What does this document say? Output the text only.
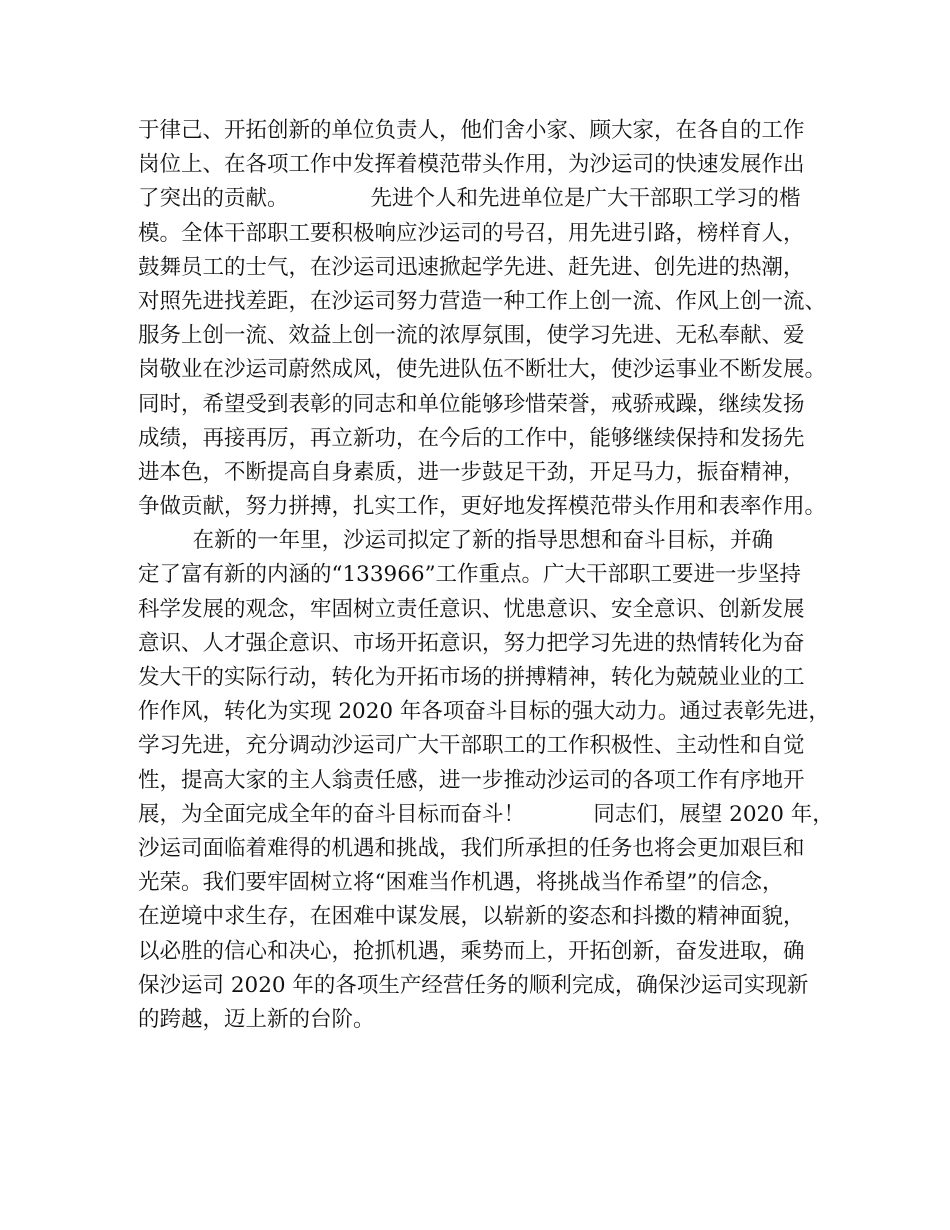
于律己、开拓创新的单位负责人，他们舍小家、顾大家，在各自的工作
岗位上、在各项工作中发挥着模范带头作用，为沙运司的快速发展作出
了突出的贡献。            先进个人和先进单位是广大干部职工学习的楷
模。全体干部职工要积极响应沙运司的号召，用先进引路，榜样育人，
鼓舞员工的士气，在沙运司迅速掀起学先进、赶先进、创先进的热潮，
对照先进找差距，在沙运司努力营造一种工作上创一流、作风上创一流、
服务上创一流、效益上创一流的浓厚氛围，使学习先进、无私奉献、爱
岗敬业在沙运司蔚然成风，使先进队伍不断壮大，使沙运事业不断发展。
同时，希望受到表彰的同志和单位能够珍惜荣誉，戒骄戒躁，继续发扬
成绩，再接再厉，再立新功，在今后的工作中，能够继续保持和发扬先
进本色，不断提高自身素质，进一步鼓足干劲，开足马力，振奋精神，
争做贡献，努力拼搏，扎实工作，更好地发挥模范带头作用和表率作用。
在新的一年里，沙运司拟定了新的指导思想和奋斗目标，并确
定了富有新的内涵的“133966”工作重点。广大干部职工要进一步坚持
科学发展的观念，牢固树立责任意识、忧患意识、安全意识、创新发展
意识、人才强企意识、市场开拓意识，努力把学习先进的热情转化为奋
发大干的实际行动，转化为开拓市场的拼搏精神，转化为兢兢业业的工
作作风，转化为实现 2020 年各项奋斗目标的强大动力。通过表彰先进，
学习先进，充分调动沙运司广大干部职工的工作积极性、主动性和自觉
性，提高大家的主人翁责任感，进一步推动沙运司的各项工作有序地开
展，为全面完成全年的奋斗目标而奋斗！          同志们，展望 2020 年，
沙运司面临着难得的机遇和挑战，我们所承担的任务也将会更加艰巨和
光荣。我们要牢固树立将“困难当作机遇，将挑战当作希望”的信念，
在逆境中求生存，在困难中谋发展，以崭新的姿态和抖擞的精神面貌，
以必胜的信心和决心，抢抓机遇，乘势而上，开拓创新，奋发进取，确
保沙运司 2020 年的各项生产经营任务的顺利完成，确保沙运司实现新
的跨越，迈上新的台阶。
